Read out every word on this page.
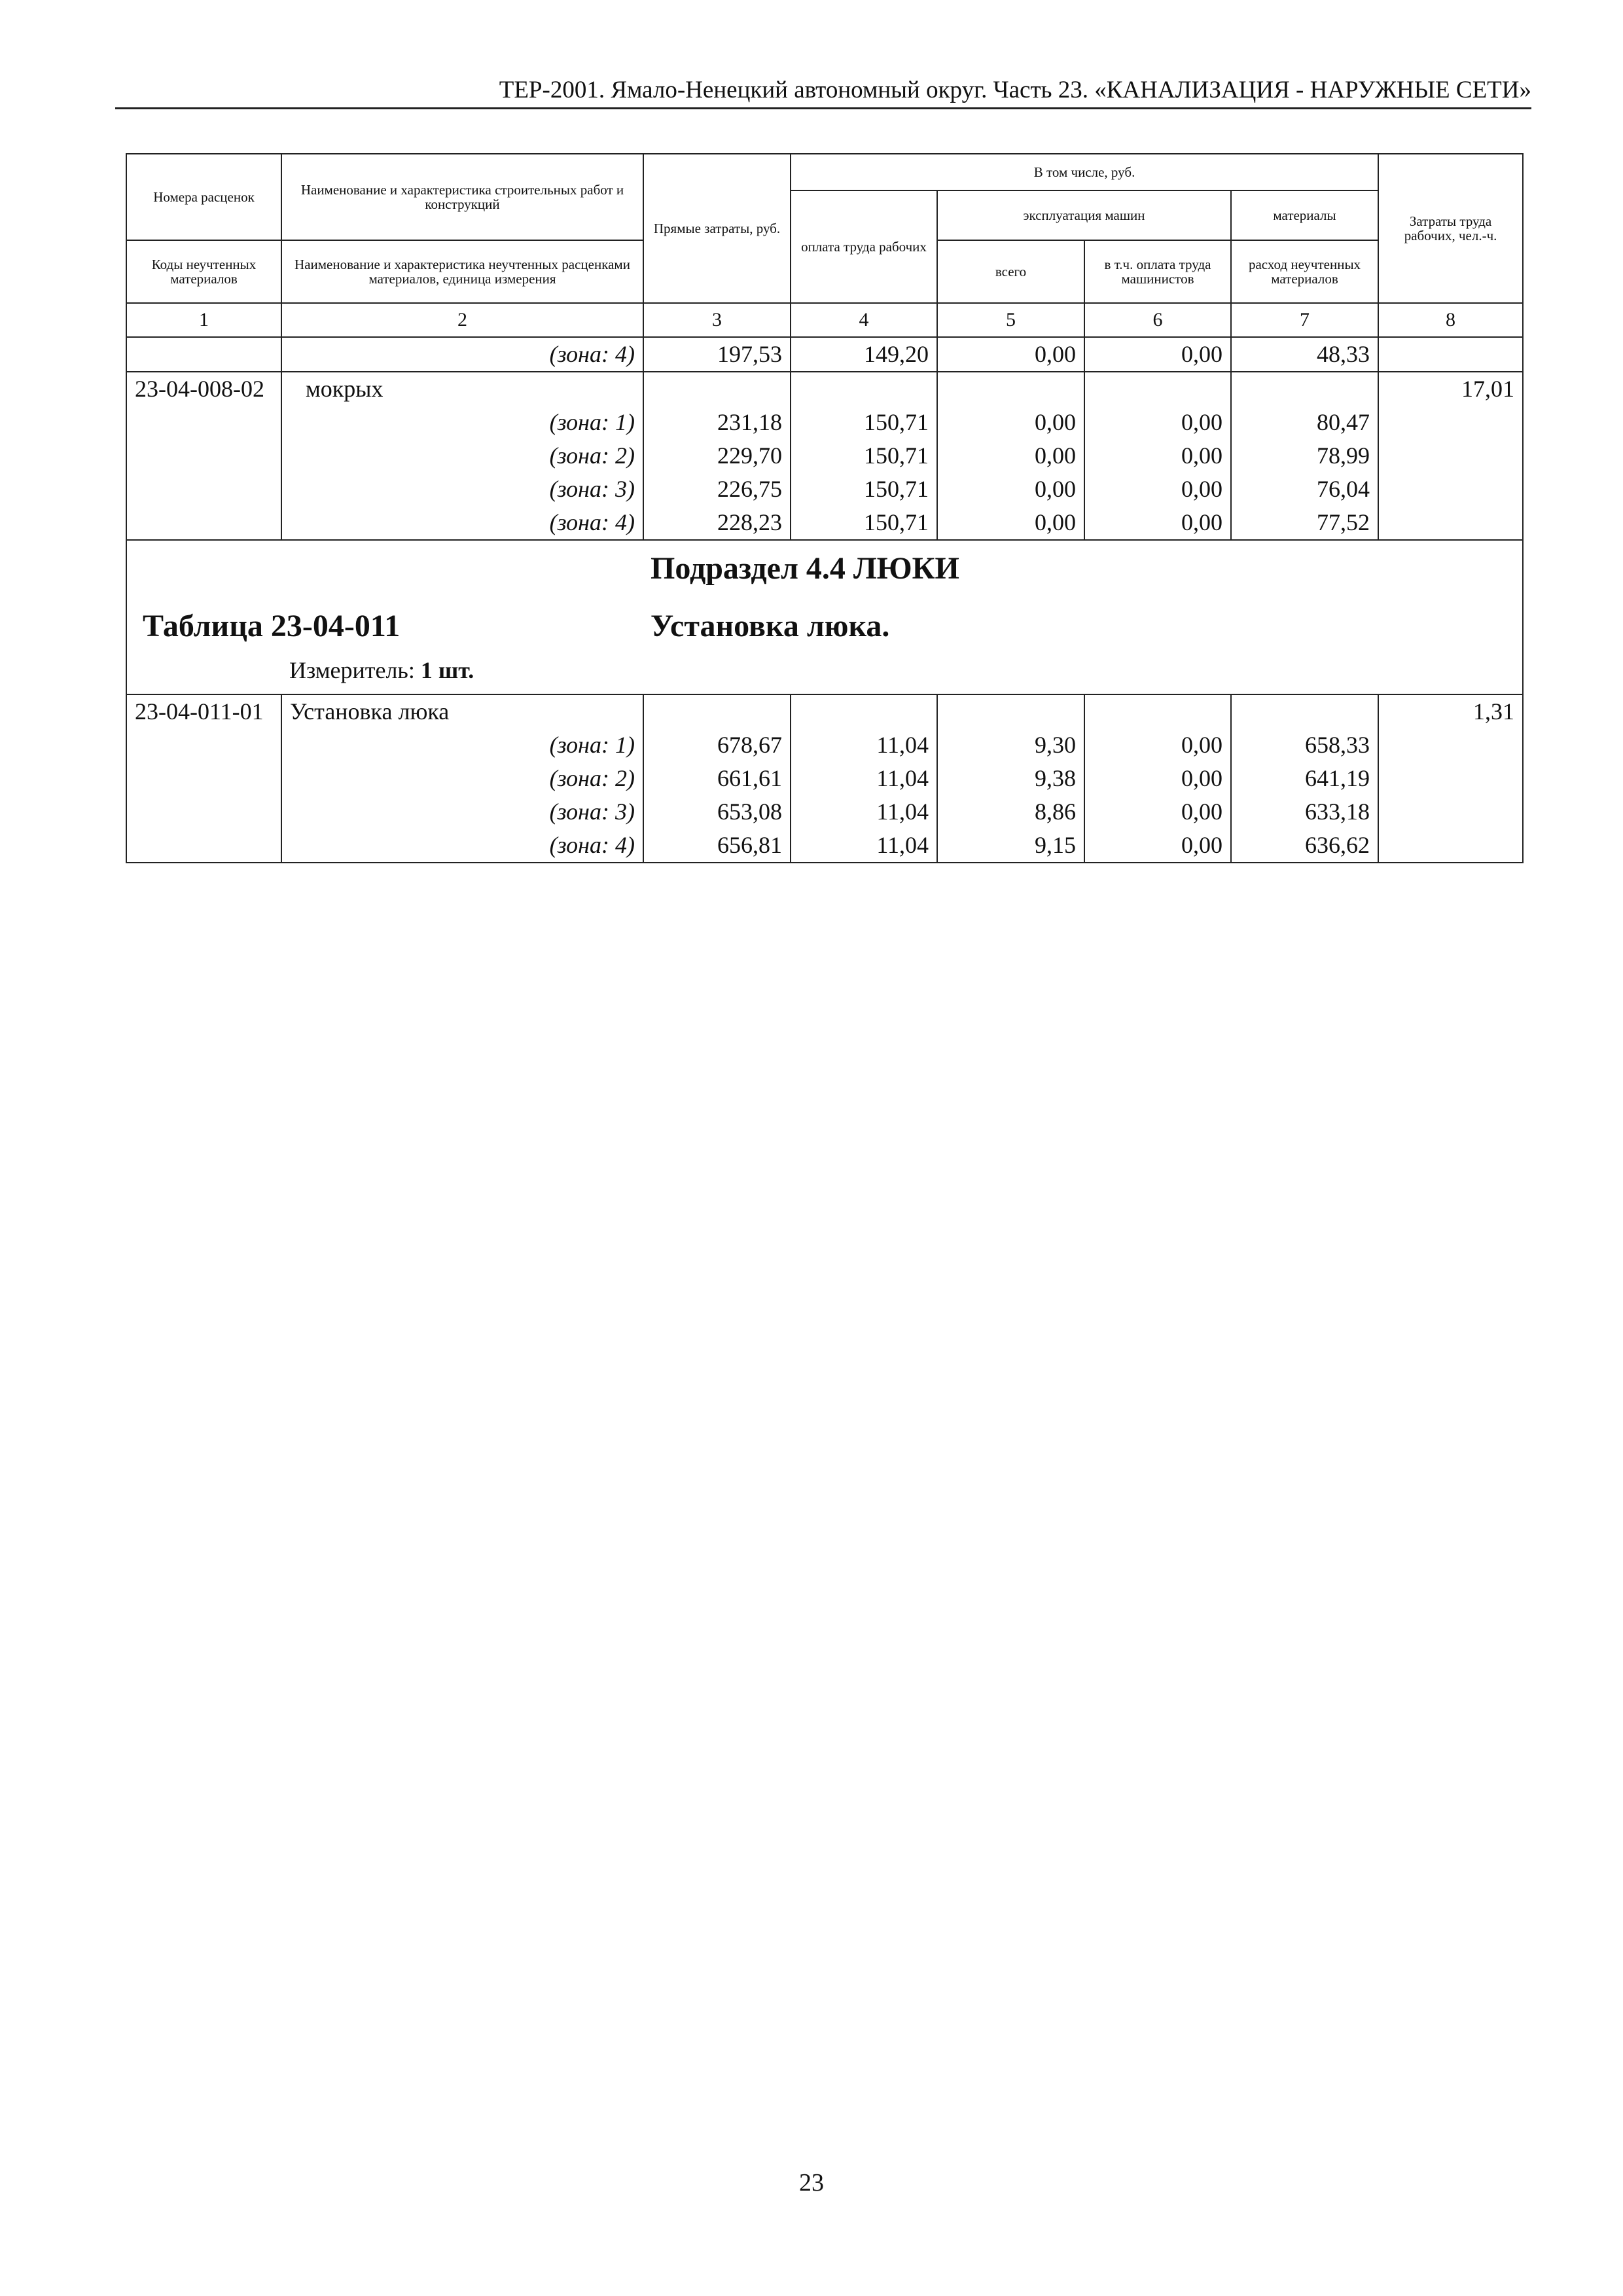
ТЕР-2001. Ямало-Ненецкий автономный округ. Часть 23. «КАНАЛИЗАЦИЯ - НАРУЖНЫЕ СЕТИ»
Номера расценок	Наименование и характеристика строительных работ и конструкций	Прямые затраты, руб.	В том числе, руб.				Затраты труда рабочих, чел.-ч.
			оплата труда рабочих	эксплуатация машин		материалы	
Коды неучтенных материалов	Наименование и характеристика неучтенных расценками материалов, единица измерения			всего	в т.ч. оплата труда машинистов	расход неучтенных материалов	
1	2	3	4	5	6	7	8
	(зона: 4)	197,53	149,20	0,00	0,00	48,33	
23-04-008-02	мокрых						17,01
	(зона: 1)	231,18	150,71	0,00	0,00	80,47	
	(зона: 2)	229,70	150,71	0,00	0,00	78,99	
	(зона: 3)	226,75	150,71	0,00	0,00	76,04	
	(зона: 4)	228,23	150,71	0,00	0,00	77,52	

Подраздел 4.4 ЛЮКИ
Таблица 23-04-011 Установка люка.
Измеритель: 1 шт.							

23-04-011-01	Установка люка						1,31
	(зона: 1)	678,67	11,04	9,30	0,00	658,33	
	(зона: 2)	661,61	11,04	9,38	0,00	641,19	
	(зона: 3)	653,08	11,04	8,86	0,00	633,18	
	(зона: 4)	656,81	11,04	9,15	0,00	636,62	
23
